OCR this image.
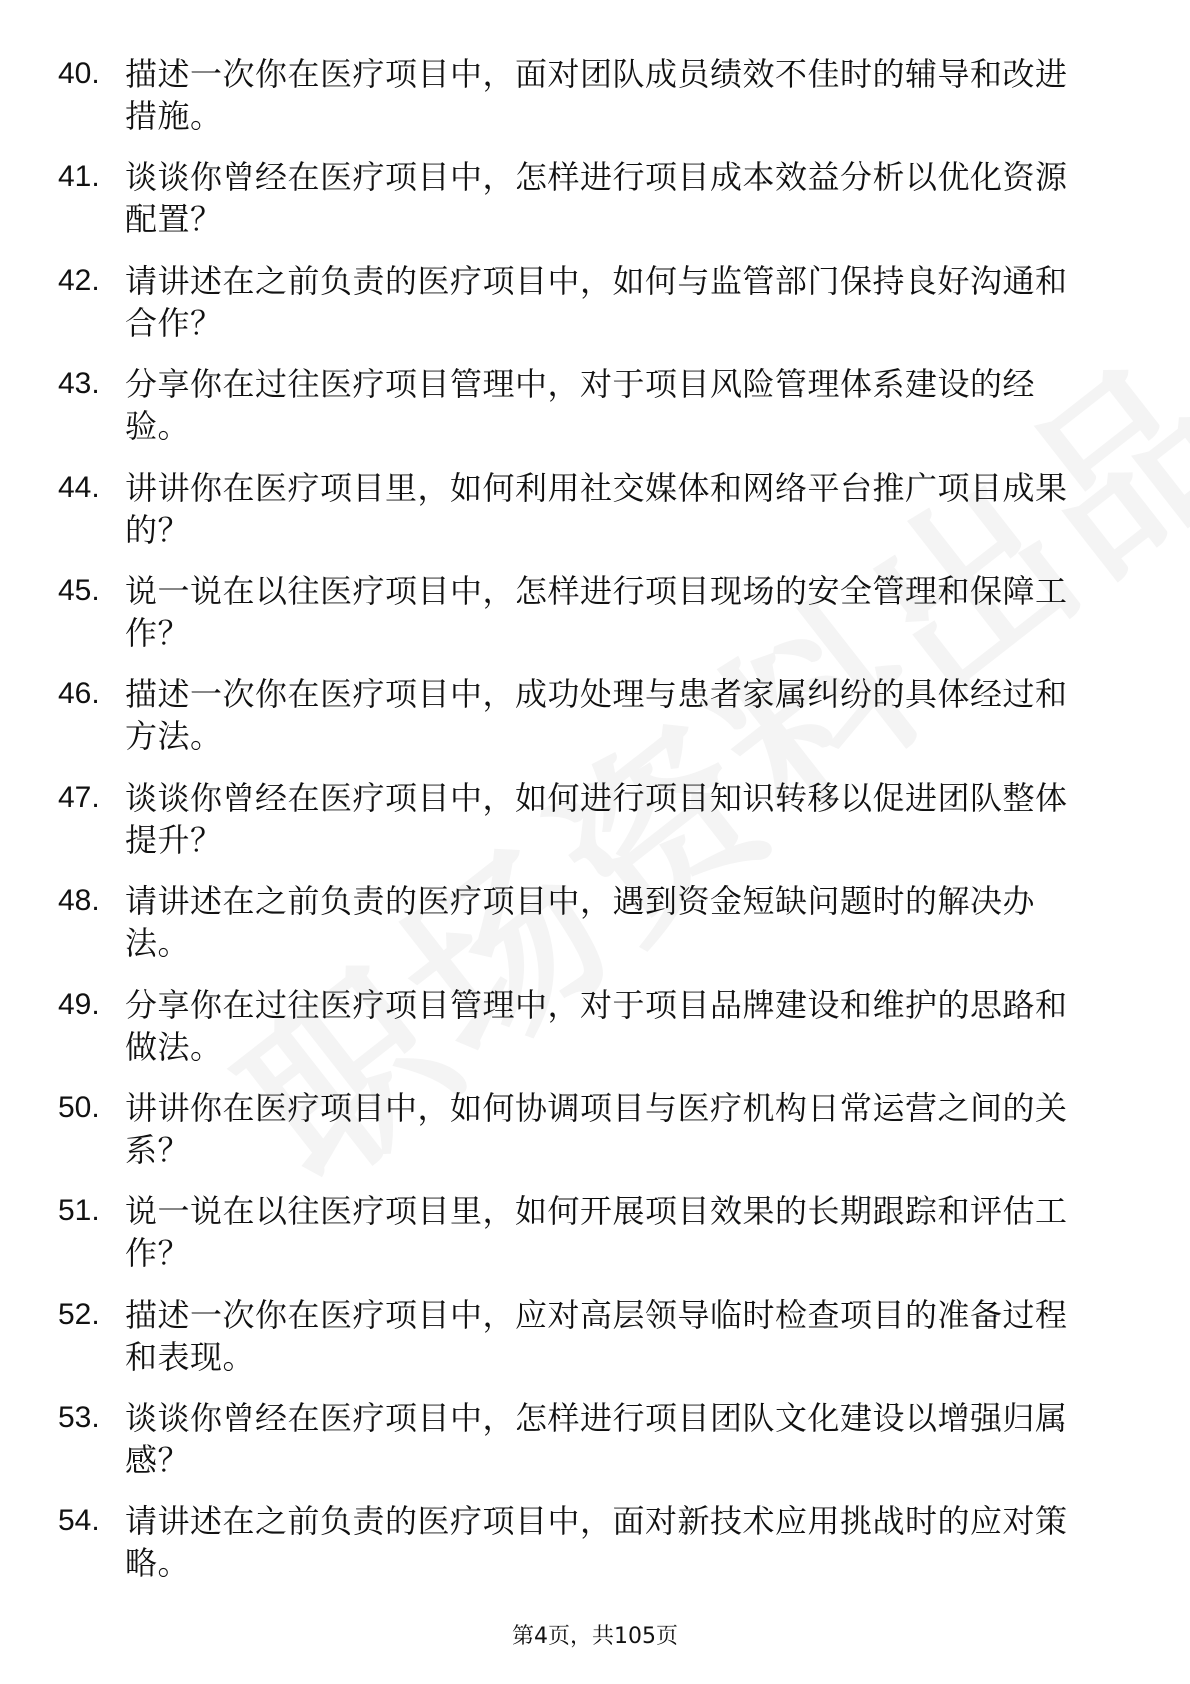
40. 描述一次你在医疗项目中，面对团队成员绩效不佳时的辅导和改进措施。
41. 谈谈你曾经在医疗项目中，怎样进行项目成本效益分析以优化资源配置？
42. 请讲述在之前负责的医疗项目中，如何与监管部门保持良好沟通和合作？
43. 分享你在过往医疗项目管理中，对于项目风险管理体系建设的经验。
44. 讲讲你在医疗项目里，如何利用社交媒体和网络平台推广项目成果的？
45. 说一说在以往医疗项目中，怎样进行项目现场的安全管理和保障工作？
46. 描述一次你在医疗项目中，成功处理与患者家属纠纷的具体经过和方法。
47. 谈谈你曾经在医疗项目中，如何进行项目知识转移以促进团队整体提升？
48. 请讲述在之前负责的医疗项目中，遇到资金短缺问题时的解决办法。
49. 分享你在过往医疗项目管理中，对于项目品牌建设和维护的思路和做法。
50. 讲讲你在医疗项目中，如何协调项目与医疗机构日常运营之间的关系？
51. 说一说在以往医疗项目里，如何开展项目效果的长期跟踪和评估工作？
52. 描述一次你在医疗项目中，应对高层领导临时检查项目的准备过程和表现。
53. 谈谈你曾经在医疗项目中，怎样进行项目团队文化建设以增强归属感？
54. 请讲述在之前负责的医疗项目中，面对新技术应用挑战时的应对策略。
第4页，共105页
